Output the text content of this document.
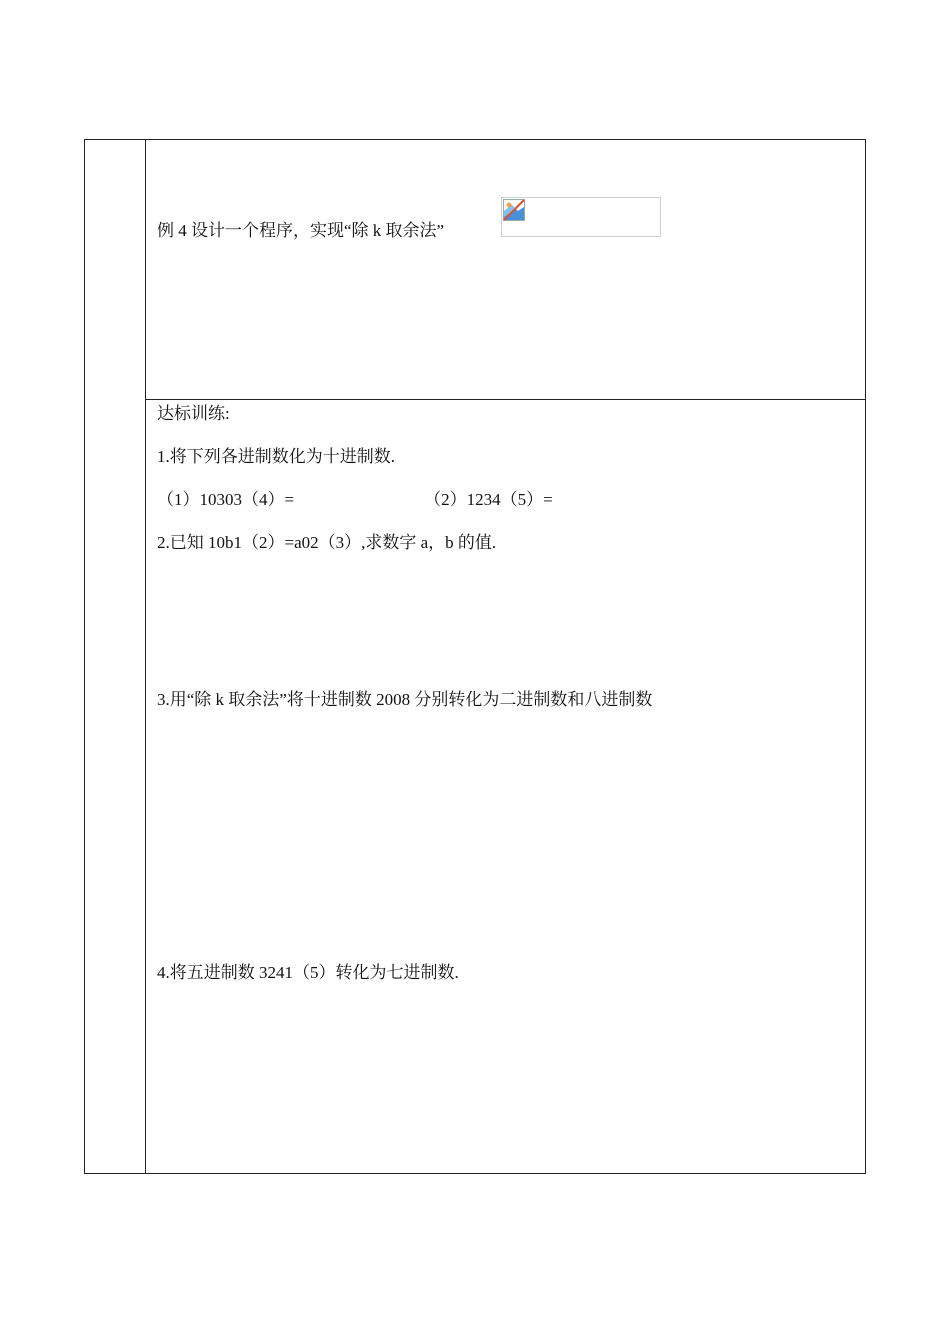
例 4 设计一个程序，实现“除 k 取余法”
达标训练:
1.将下列各进制数化为十进制数.
（1）10303（4）=	（2）1234（5）=
2.已知 10b1（2）=a02（3）,求数字 a，b 的值.
3.用“除 k 取余法”将十进制数 2008 分别转化为二进制数和八进制数
4.将五进制数 3241（5）转化为七进制数.
